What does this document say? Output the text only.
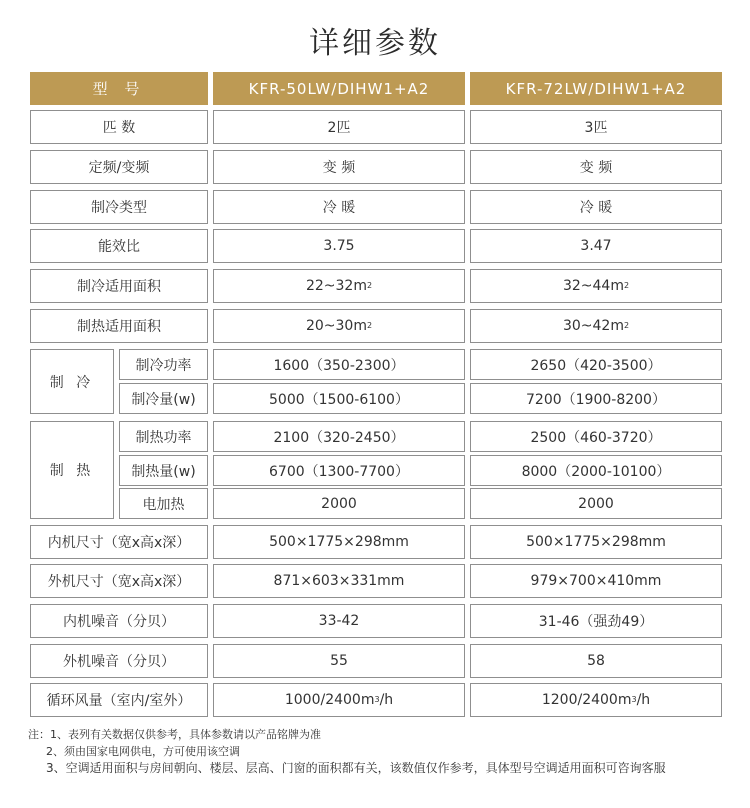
详细参数
型 号	KFR-50LW/DIHW1+A2	KFR-72LW/DIHW1+A2
匹 数	2匹	3匹
定频/变频	变 频	变 频
制冷类型	冷 暖	冷 暖
能效比	3.75	3.47
制冷适用面积	22~32m 2	32~44m 2
制热适用面积	20~30m 2	30~42m 2
制 冷
制冷功率	1600（350-2300）	2650（420-3500）
制冷量(w)	5000（1500-6100）	7200（1900-8200）
制 热
制热功率	2100（320-2450）	2500（460-3720）
制热量(w)	6700（1300-7700）	8000（2000-10100）
电加热	2000	2000
内机尺寸（宽x高x深）	500×1775×298mm	500×1775×298mm
外机尺寸（宽x高x深）	871×603×331mm	979×700×410mm
内机噪音（分贝）	33-42	31-46（强劲49）
外机噪音（分贝）	55	58
循环风量（室内/室外）	1000/2400m 3 /h	1200/2400m 3 /h
注：1、表列有关数据仅供参考，具体参数请以产品铭牌为准
2、须由国家电网供电，方可使用该空调
3、空调适用面积与房间朝向、楼层、层高、门窗的面积都有关，该数值仅作参考，具体型号空调适用面积可咨询客服
